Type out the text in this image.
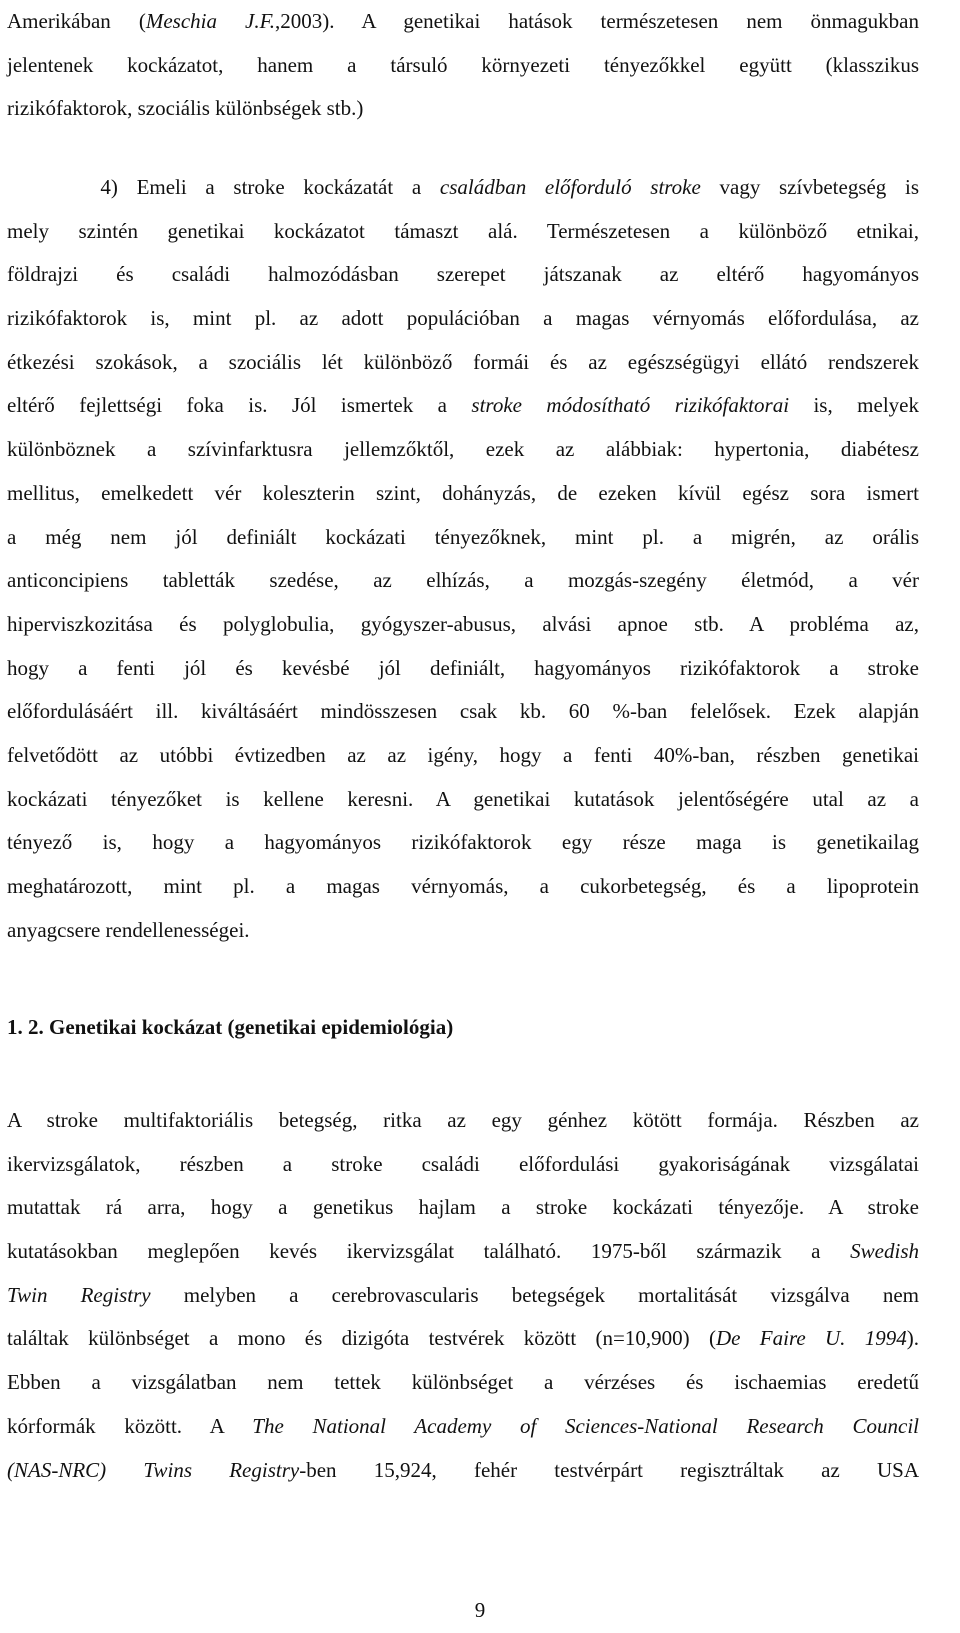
Amerikában (Meschia J.F.,2003). A genetikai hatások természetesen nem önmagukban
jelentenek kockázatot, hanem a társuló környezeti tényezőkkel együtt (klasszikus
rizikófaktorok, szociális különbségek stb.)
4) Emeli a stroke kockázatát a családban előforduló stroke vagy szívbetegség is
mely szintén genetikai kockázatot támaszt alá. Természetesen a különböző etnikai,
földrajzi és családi halmozódásban szerepet játszanak az eltérő hagyományos
rizikófaktorok is, mint pl. az adott populációban a magas vérnyomás előfordulása, az
étkezési szokások, a szociális lét különböző formái és az egészségügyi ellátó rendszerek
eltérő fejlettségi foka is. Jól ismertek a stroke módosítható rizikófaktorai is, melyek
különböznek a szívinfarktusra jellemzőktől, ezek az alábbiak: hypertonia, diabétesz
mellitus, emelkedett vér koleszterin szint, dohányzás, de ezeken kívül egész sora ismert
a még nem jól definiált kockázati tényezőknek, mint pl. a migrén, az orális
anticoncipiens tabletták szedése, az elhízás, a mozgás-szegény életmód, a vér
hiperviszkozitása és polyglobulia, gyógyszer-abusus, alvási apnoe stb. A probléma az,
hogy a fenti jól és kevésbé jól definiált, hagyományos rizikófaktorok a stroke
előfordulásáért ill. kiváltásáért mindösszesen csak kb. 60 %-ban felelősek. Ezek alapján
felvetődött az utóbbi évtizedben az az igény, hogy a fenti 40%-ban, részben genetikai
kockázati tényezőket is kellene keresni. A genetikai kutatások jelentőségére utal az a
tényező is, hogy a hagyományos rizikófaktorok egy része maga is genetikailag
meghatározott, mint pl. a magas vérnyomás, a cukorbetegség, és a lipoprotein
anyagcsere rendellenességei.
1. 2. Genetikai kockázat (genetikai epidemiológia)
A stroke multifaktoriális betegség, ritka az egy génhez kötött formája. Részben az
ikervizsgálatok, részben a stroke családi előfordulási gyakoriságának vizsgálatai
mutattak rá arra, hogy a genetikus hajlam a stroke kockázati tényezője. A stroke
kutatásokban meglepően kevés ikervizsgálat található. 1975-ből származik a Swedish
Twin Registry melyben a cerebrovascularis betegségek mortalitását vizsgálva nem
találtak különbséget a mono és dizigóta testvérek között (n=10,900) (De Faire U. 1994).
Ebben a vizsgálatban nem tettek különbséget a vérzéses és ischaemias eredetű
kórformák között. A The National Academy of Sciences-National Research Council
(NAS-NRC) Twins Registry-ben 15,924, fehér testvérpárt regisztráltak az USA
9
